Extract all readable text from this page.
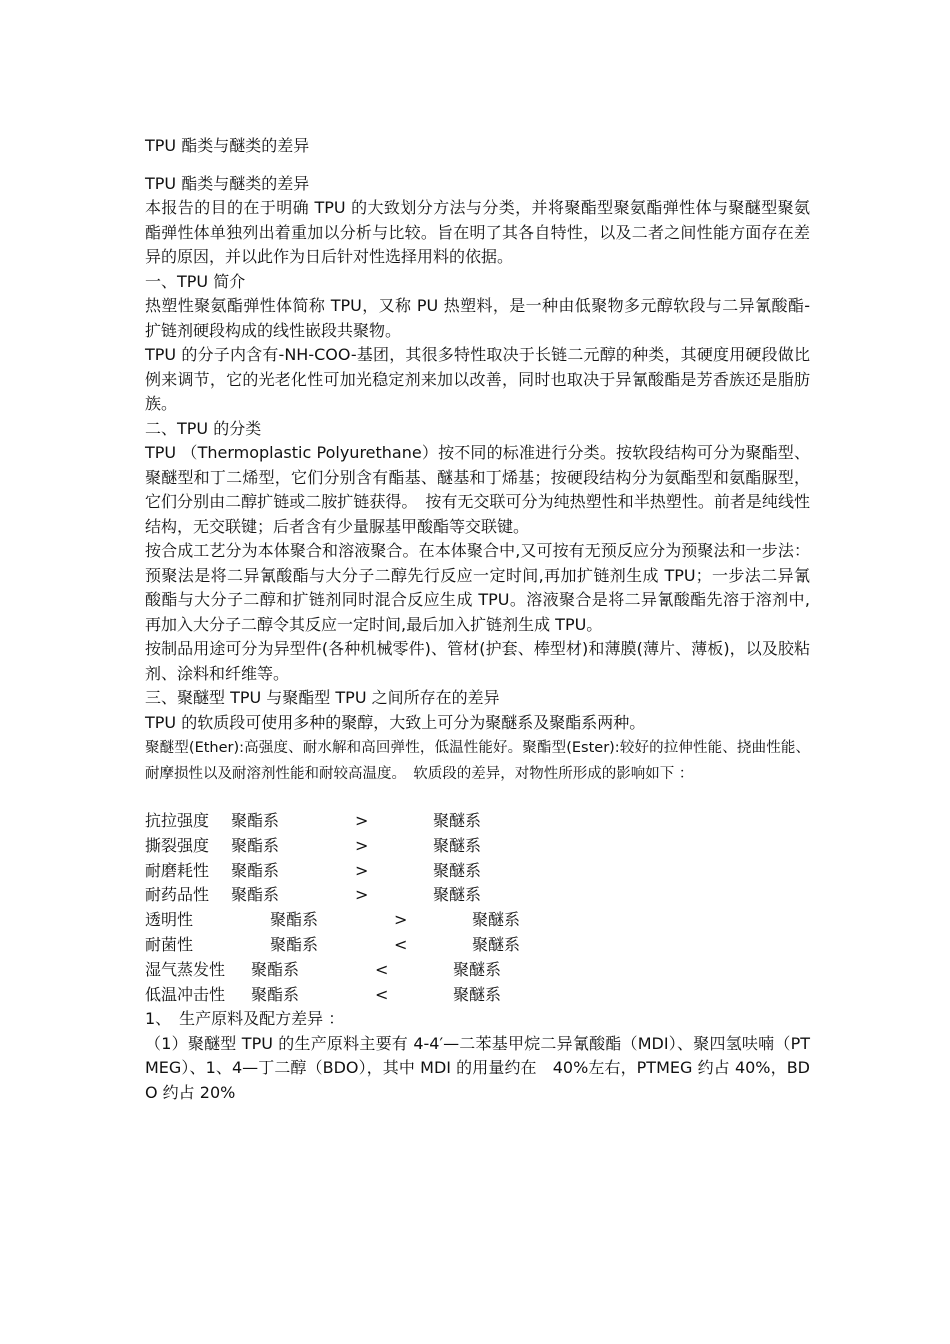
TPU 酯类与醚类的差异

TPU 酯类与醚类的差异

本报告的目的在于明确 TPU 的大致划分方法与分类，并将聚酯型聚氨酯弹性体与聚醚型聚氨酯弹性体单独列出着重加以分析与比较。旨在明了其各自特性，以及二者之间性能方面存在差异的原因，并以此作为日后针对性选择用料的依据。

一、TPU 简介

热塑性聚氨酯弹性体简称 TPU，又称 PU 热塑料，是一种由低聚物多元醇软段与二异氰酸酯-扩链剂硬段构成的线性嵌段共聚物。

TPU 的分子内含有-NH-COO-基团，其很多特性取决于长链二元醇的种类，其硬度用硬段做比例来调节，它的光老化性可加光稳定剂来加以改善，同时也取决于异氰酸酯是芳香族还是脂肪族。

二、TPU 的分类

TPU （Thermoplastic Polyurethane）按不同的标准进行分类。按软段结构可分为聚酯型、聚醚型和丁二烯型，它们分别含有酯基、醚基和丁烯基；按硬段结构分为氨酯型和氨酯脲型，它们分别由二醇扩链或二胺扩链获得。　按有无交联可分为纯热塑性和半热塑性。前者是纯线性结构，无交联键；后者含有少量脲基甲酸酯等交联键。

按合成工艺分为本体聚合和溶液聚合。在本体聚合中,又可按有无预反应分为预聚法和一步法：预聚法是将二异氰酸酯与大分子二醇先行反应一定时间,再加扩链剂生成 TPU；一步法二异氰酸酯与大分子二醇和扩链剂同时混合反应生成 TPU。溶液聚合是将二异氰酸酯先溶于溶剂中,再加入大分子二醇令其反应一定时间,最后加入扩链剂生成 TPU。

按制品用途可分为异型件(各种机械零件)、管材(护套、棒型材)和薄膜(薄片、薄板)，以及胶粘剂、涂料和纤维等。

三、聚醚型 TPU 与聚酯型 TPU 之间所存在的差异

TPU 的软质段可使用多种的聚醇，大致上可分为聚醚系及聚酯系两种。

聚醚型(Ether):高强度、耐水解和高回弹性，低温性能好。聚酯型(Ester):较好的拉伸性能、挠曲性能、耐摩损性以及耐溶剂性能和耐较高温度。　软质段的差异，对物性所形成的影响如下 ：

抗拉强度	聚酯系	>	聚醚系
撕裂强度	聚酯系	>	聚醚系
耐磨耗性	聚酯系	>	聚醚系
耐药品性	聚酯系	>	聚醚系
透明性	聚酯系	>	聚醚系
耐菌性	聚酯系	<	聚醚系
湿气蒸发性	聚酯系	<	聚醚系
低温冲击性	聚酯系	<	聚醚系

1、　生产原料及配方差异 ：

（1）聚醚型 TPU 的生产原料主要有 4-4′—二苯基甲烷二异氰酸酯（MDI）、聚四氢呋喃（PTMEG）、1、4—丁二醇（BDO），其中 MDI 的用量约在　40%左右，PTMEG 约占 40%，BDO 约占 20%
